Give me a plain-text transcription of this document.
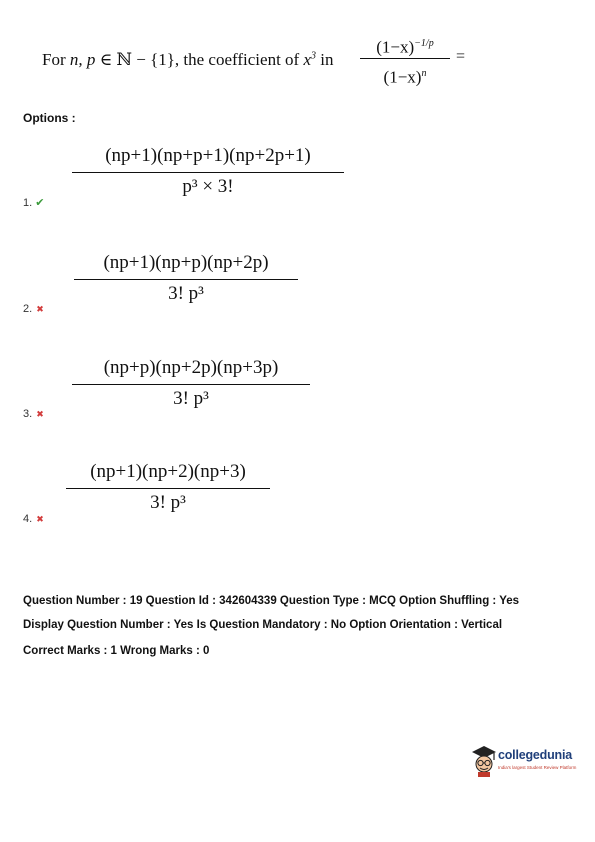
For n, p ∈ ℕ − {1}, the coefficient of $x^3$ in
$(1-x)^{-1/p}$
$(1-x)^n$
=
Options :
(np+1)(np+p+1)(np+2p+1)
p³ × 3!
1. ✔
(np+1)(np+p)(np+2p)
3! p³
2. ✖
(np+p)(np+2p)(np+3p)
3! p³
3. ✖
(np+1)(np+2)(np+3)
3! p³
4. ✖
Question Number : 19 Question Id : 342604339 Question Type : MCQ Option Shuffling : Yes
Display Question Number : Yes Is Question Mandatory : No Option Orientation : Vertical
Correct Marks : 1 Wrong Marks : 0
collegedunia
India's largest Student Review Platform
